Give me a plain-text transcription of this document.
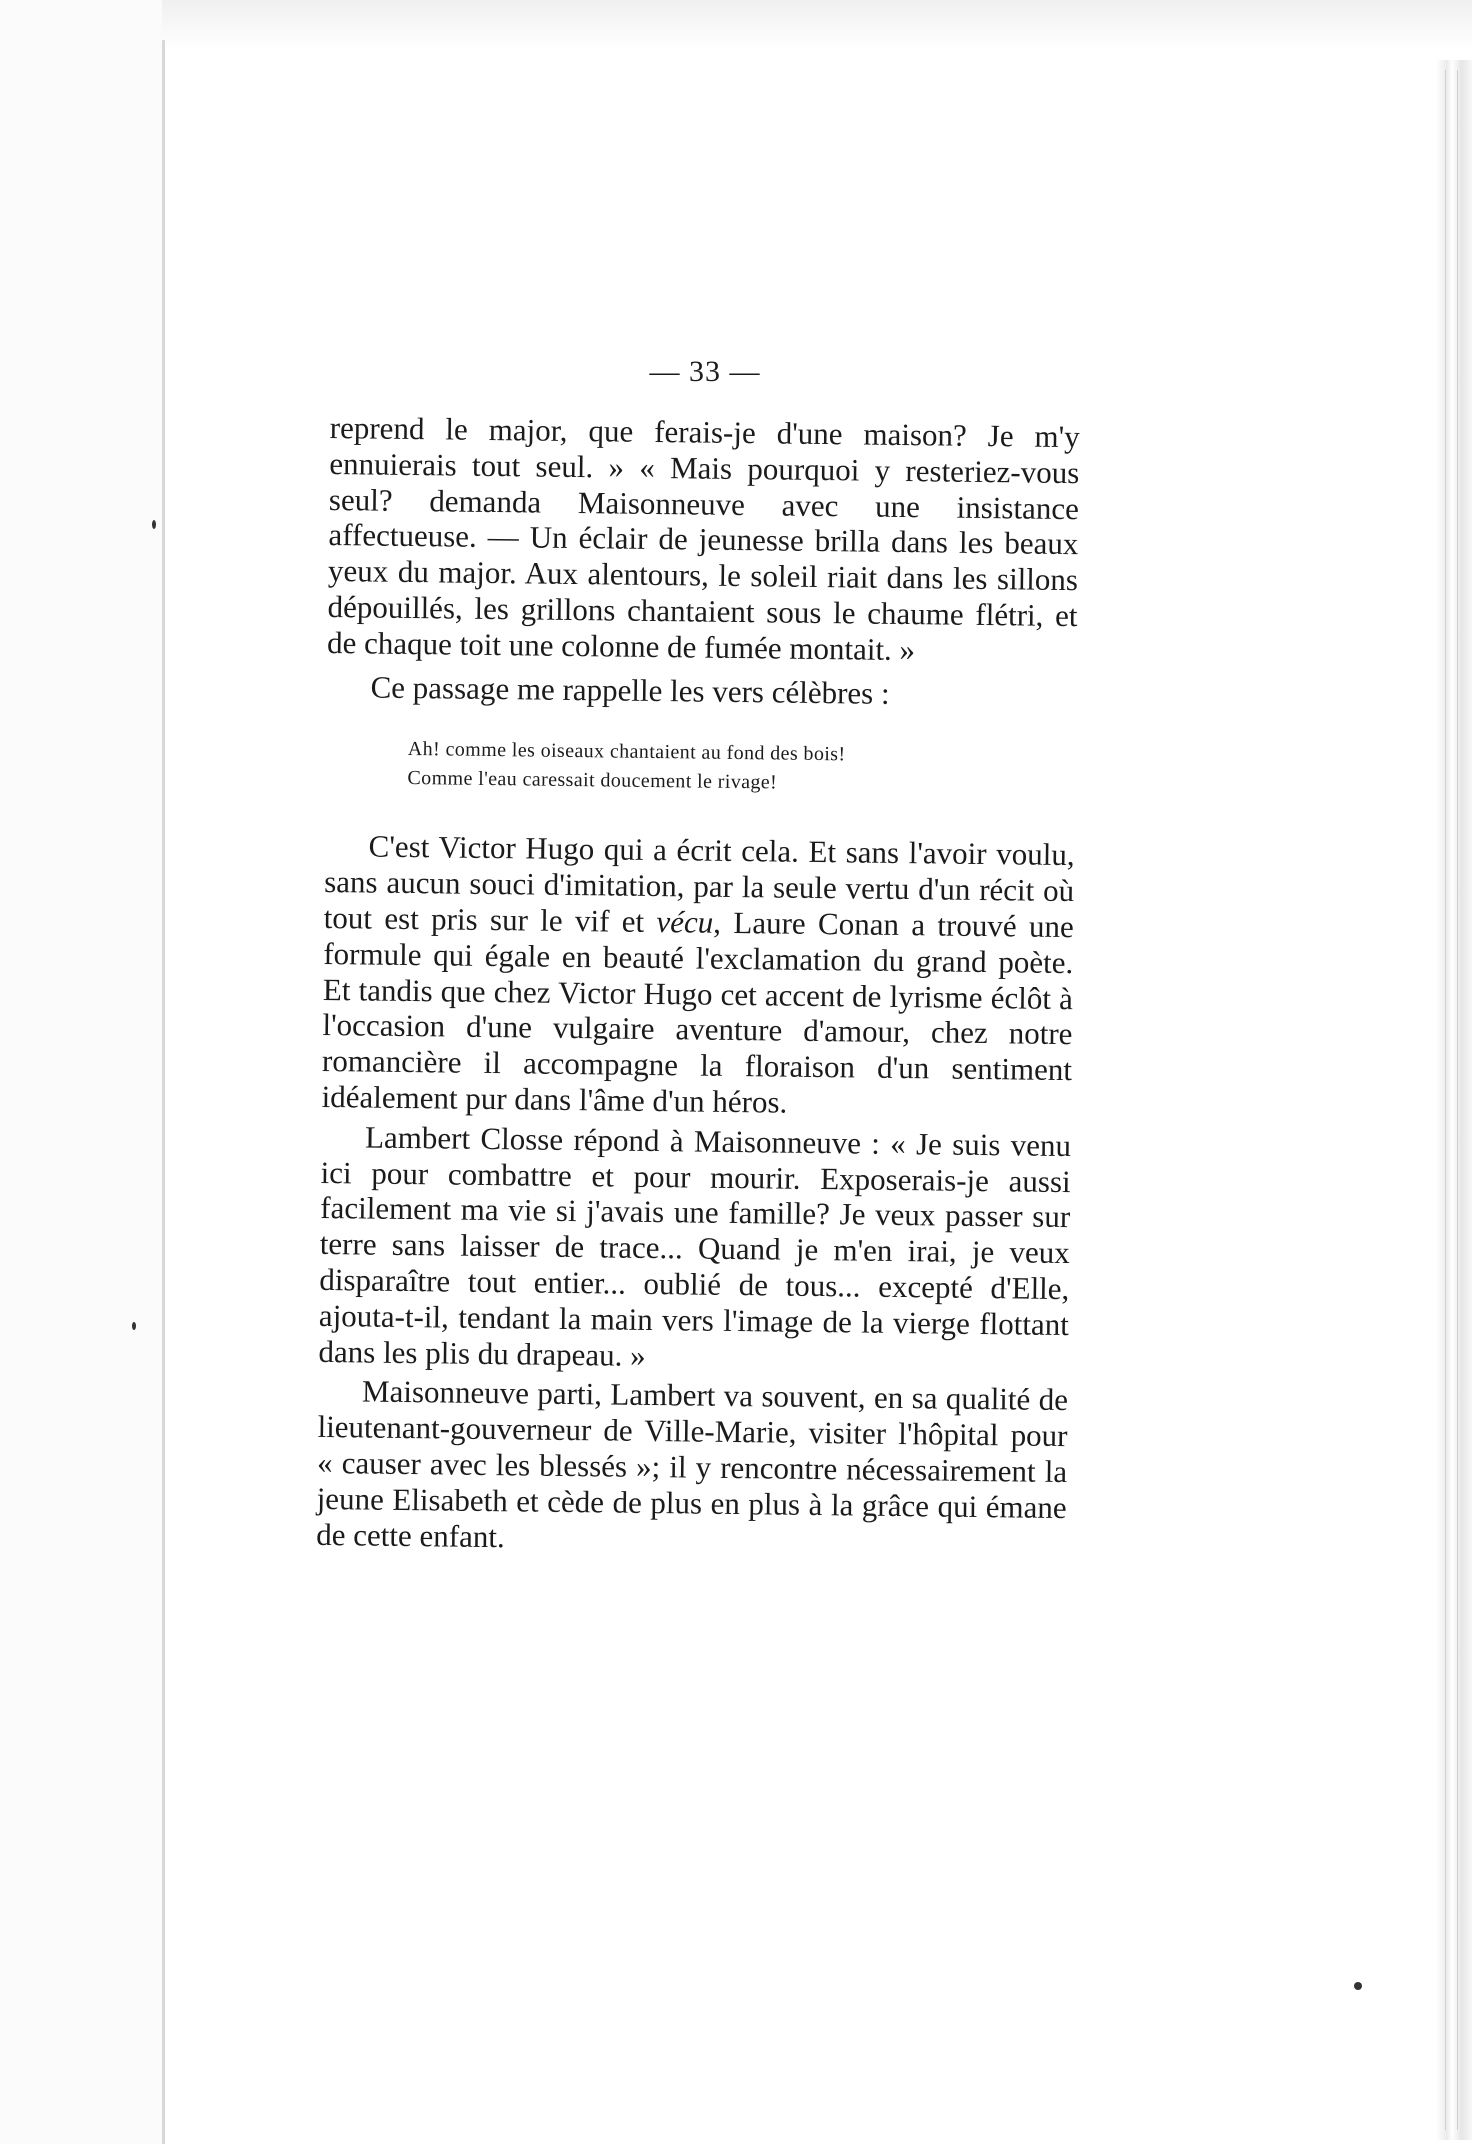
— 33 —

reprend le major, que ferais-je d'une maison? Je m'y ennuierais tout seul. » « Mais pourquoi y resteriez-vous seul? demanda Maisonneuve avec une insistance affectueuse. — Un éclair de jeunesse brilla dans les beaux yeux du major. Aux alentours, le soleil riait dans les sillons dépouillés, les grillons chantaient sous le chaume flétri, et de chaque toit une colonne de fumée montait. »

Ce passage me rappelle les vers célèbres :

Ah! comme les oiseaux chantaient au fond des bois!
Comme l'eau caressait doucement le rivage!

C'est Victor Hugo qui a écrit cela. Et sans l'avoir voulu, sans aucun souci d'imitation, par la seule vertu d'un récit où tout est pris sur le vif et vécu, Laure Conan a trouvé une formule qui égale en beauté l'exclamation du grand poète. Et tandis que chez Victor Hugo cet accent de lyrisme éclôt à l'occasion d'une vulgaire aventure d'amour, chez notre romancière il accompagne la floraison d'un sentiment idéalement pur dans l'âme d'un héros.

Lambert Closse répond à Maisonneuve : « Je suis venu ici pour combattre et pour mourir. Exposerais-je aussi facilement ma vie si j'avais une famille? Je veux passer sur terre sans laisser de trace... Quand je m'en irai, je veux disparaître tout entier... oublié de tous... excepté d'Elle, ajouta-t-il, tendant la main vers l'image de la vierge flottant dans les plis du drapeau. »

Maisonneuve parti, Lambert va souvent, en sa qualité de lieutenant-gouverneur de Ville-Marie, visiter l'hôpital pour « causer avec les blessés »; il y rencontre nécessairement la jeune Elisabeth et cède de plus en plus à la grâce qui émane de cette enfant.
